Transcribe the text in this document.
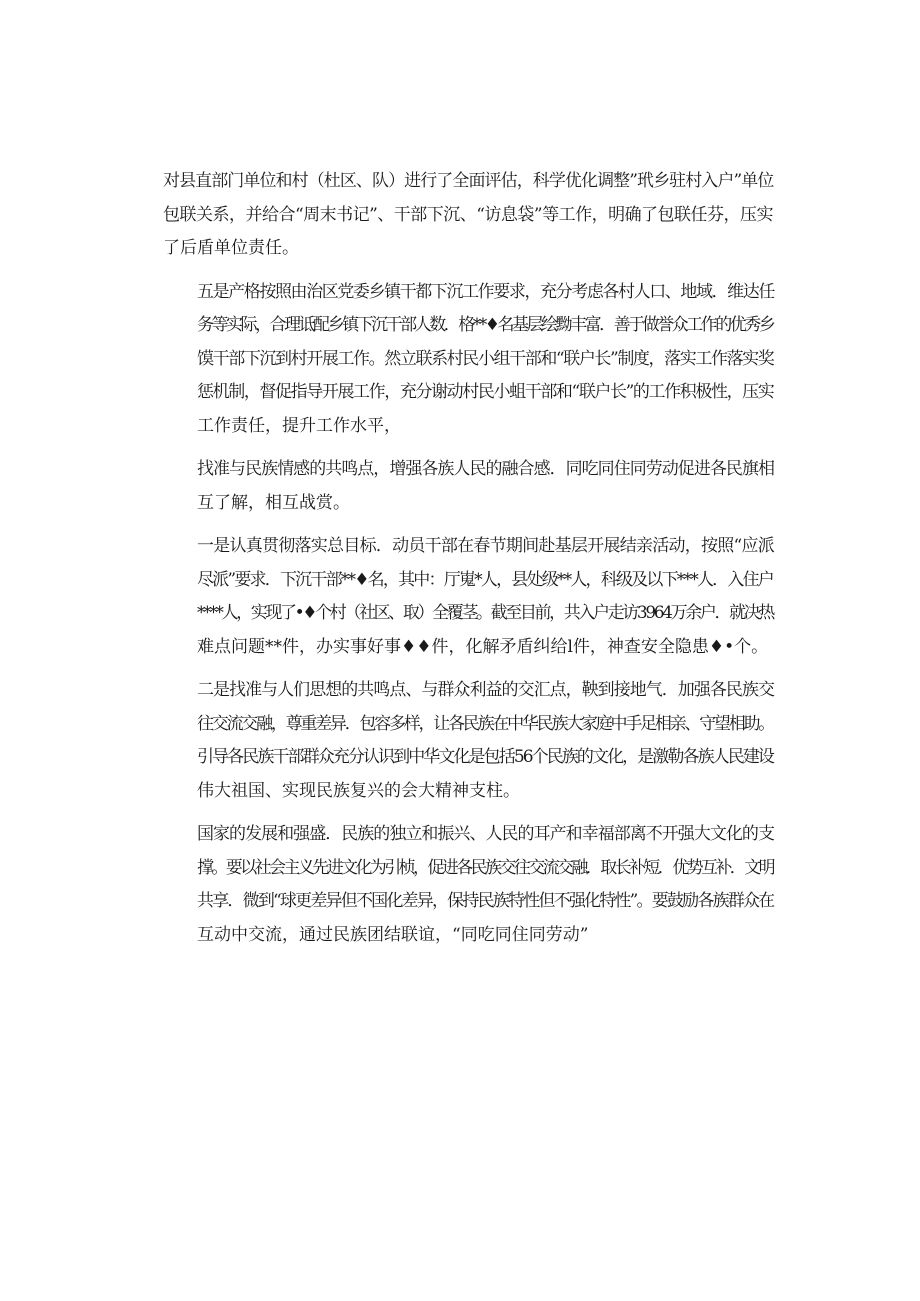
对县直部门单位和村（杜区、队）进行了全面评估，科学优化调整”玳乡驻村入户”单位
包联关系，并给合“周末书记”、干部下沉、“访息袋”等工作，明确了包联任芬，压实
了后盾单位责任。

五是产格按照由治区党委乡镇干都下沉工作要求，充分考虑各村人口、地域．维达任
务等实际，合理诋配乡镇下沉干部人数．格**♦名基层绘黝丰富．善于做誉众工作的优秀乡
馍干部下沉到村开展工作。然立联系村民小组干部和“联户长”制度，落实工作落实奖
惩机制，督促指导开展工作，充分谢动村民小蛆干部和“联户长”的工作积极性，压实
工作责任，提升工作水平，

找准与民族情感的共鸣点，增强各族人民的融合感．同吃同住同劳动促进各民旗相
互了解，相互战赏。

一是认真贯彻落实总目标．动员干部在春节期间赴基层开展结亲活动，按照“应派
尽派”要求．下沉干部**♦名，其中：厅嵬*人，县处级**人，科级及以下***人．入住户
****人，实现了•♦个村（社区、取）全覆茎。截至目前，共入户走访3964万余户．就决热
难点问题**件，办实事好事♦♦件，化解矛盾纠给l件，神查安全隐患♦•个。

二是找准与人们思想的共鸣点、与群众利益的交汇点，鞅到接地气．加强各民族交
往交流交融，尊重差异．包容多样，让各民族在中华民族大家庭中手足相亲、守望相助。
引导各民族干部群众充分认识到中华文化是包括56个民族的文化，是激勒各族人民建设
伟大祖国、实现民族复兴的会大精神支柱。

国家的发展和强盛．民族的独立和振兴、人民的耳产和幸福部离不开强大文化的支
撑。要以社会主义先进文化为引桢，促进各民族交往交流交融．取长补短．优势互补．文明
共享．微到“球更差异但不国化差异，保持民族特性但不强化特性”。要鼓励各族群众在
互动中交流，通过民族团结联谊，“同吃同住同劳动”
